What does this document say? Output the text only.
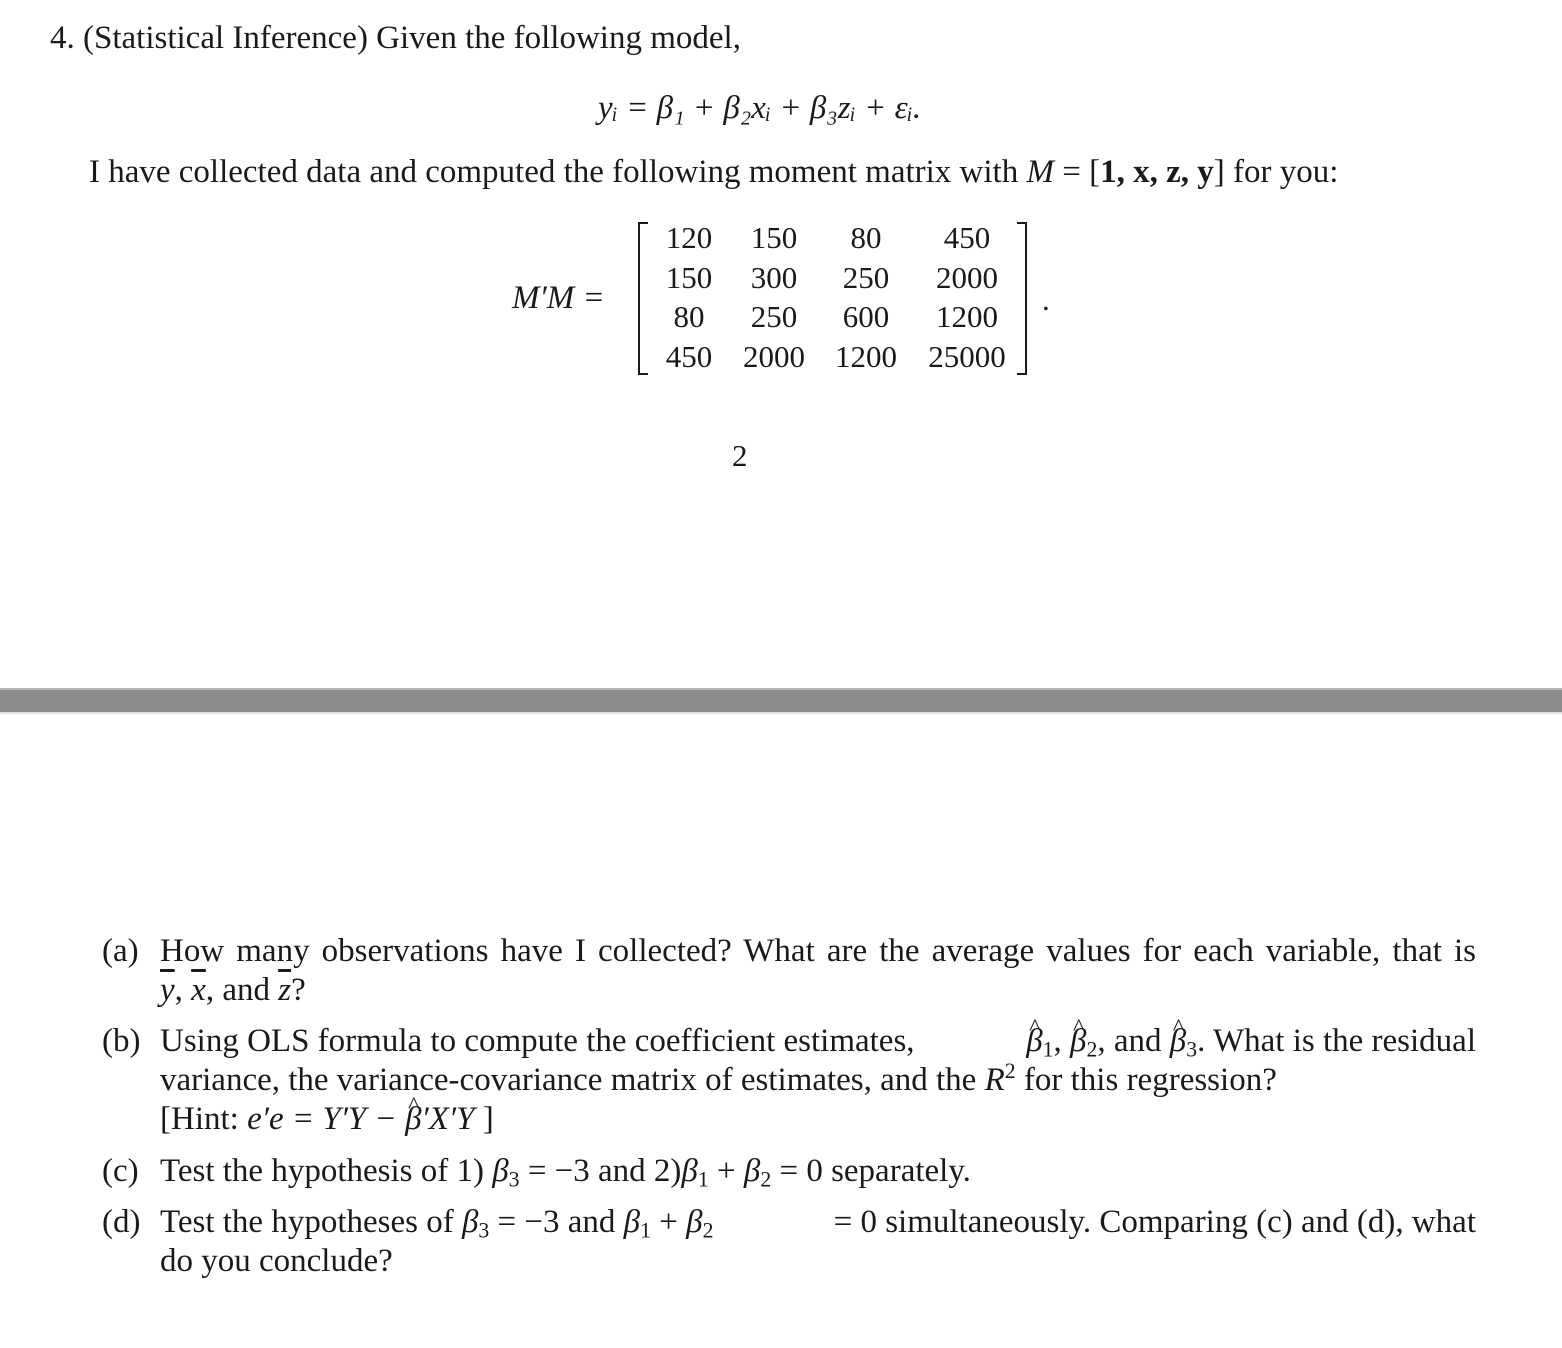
4. (Statistical Inference) Given the following model,
yᵢ = β₁ + β₂xᵢ + β₃zᵢ + εᵢ.
I have collected data and computed the following moment matrix with M = [1, x, z, y] for you:
M′M =
120	150	80	450
150	300	250	2000
80	250	600	1200
450 2000 1200	25000
.
2
(a) How many observations have I collected? What are the average values for each variable, that is
$\overline{y}$, $\overline{x}$, and $\overline{z}$?
(b) Using OLS formula to compute the coefficient estimates,	^ $\beta_1$, ^ $\beta_2$, and ^ $\beta_3$. What is the residual
variance, the variance-covariance matrix of estimates, and the $R^2$ for this regression?
[Hint: e′e = Y′Y − ^ β′X′Y ]
(c) Test the hypothesis of 1) $\beta_3 = -3$ and $2)\beta_1 + \beta_2 = 0$ separately.
(d) Test the hypotheses of $\beta_3 = -3$ and $\beta_1 + \beta_2$	= 0 simultaneously. Comparing (c) and (d), what
do you conclude?
